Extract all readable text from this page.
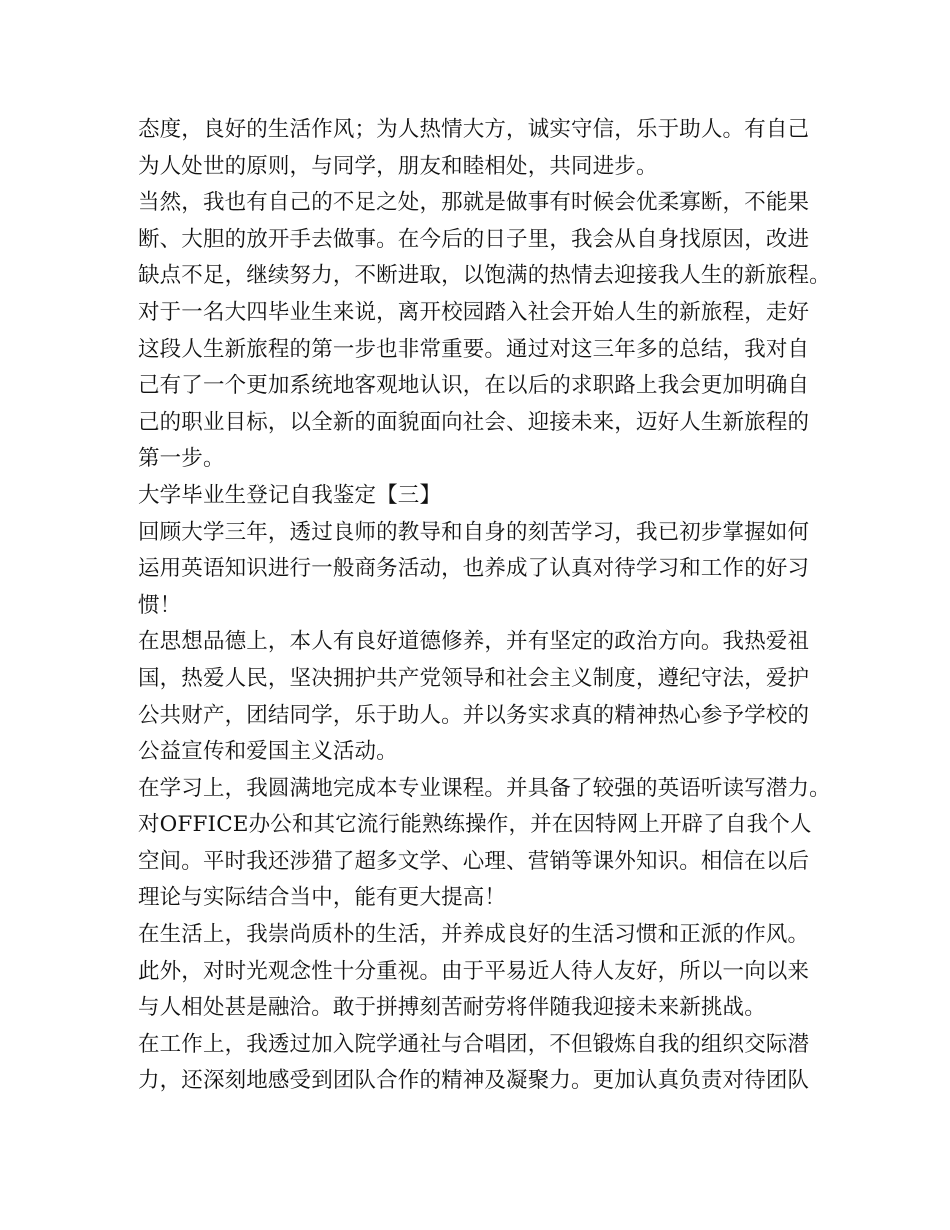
态度，良好的生活作风；为人热情大方，诚实守信，乐于助人。有自己
为人处世的原则，与同学，朋友和睦相处，共同进步。
当然，我也有自己的不足之处，那就是做事有时候会优柔寡断，不能果
断、大胆的放开手去做事。在今后的日子里，我会从自身找原因，改进
缺点不足，继续努力，不断进取，以饱满的热情去迎接我人生的新旅程。
对于一名大四毕业生来说，离开校园踏入社会开始人生的新旅程，走好
这段人生新旅程的第一步也非常重要。通过对这三年多的总结，我对自
己有了一个更加系统地客观地认识，在以后的求职路上我会更加明确自
己的职业目标，以全新的面貌面向社会、迎接未来，迈好人生新旅程的
第一步。
大学毕业生登记自我鉴定【三】
回顾大学三年，透过良师的教导和自身的刻苦学习，我已初步掌握如何
运用英语知识进行一般商务活动，也养成了认真对待学习和工作的好习
惯！
在思想品德上，本人有良好道德修养，并有坚定的政治方向。我热爱祖
国，热爱人民，坚决拥护共产党领导和社会主义制度，遵纪守法，爱护
公共财产，团结同学，乐于助人。并以务实求真的精神热心参予学校的
公益宣传和爱国主义活动。
在学习上，我圆满地完成本专业课程。并具备了较强的英语听读写潜力。
对OFFICE办公和其它流行能熟练操作，并在因特网上开辟了自我个人
空间。平时我还涉猎了超多文学、心理、营销等课外知识。相信在以后
理论与实际结合当中，能有更大提高！
在生活上，我崇尚质朴的生活，并养成良好的生活习惯和正派的作风。
此外，对时光观念性十分重视。由于平易近人待人友好，所以一向以来
与人相处甚是融洽。敢于拼搏刻苦耐劳将伴随我迎接未来新挑战。
在工作上，我透过加入院学通社与合唱团，不但锻炼自我的组织交际潜
力，还深刻地感受到团队合作的精神及凝聚力。更加认真负责对待团队
